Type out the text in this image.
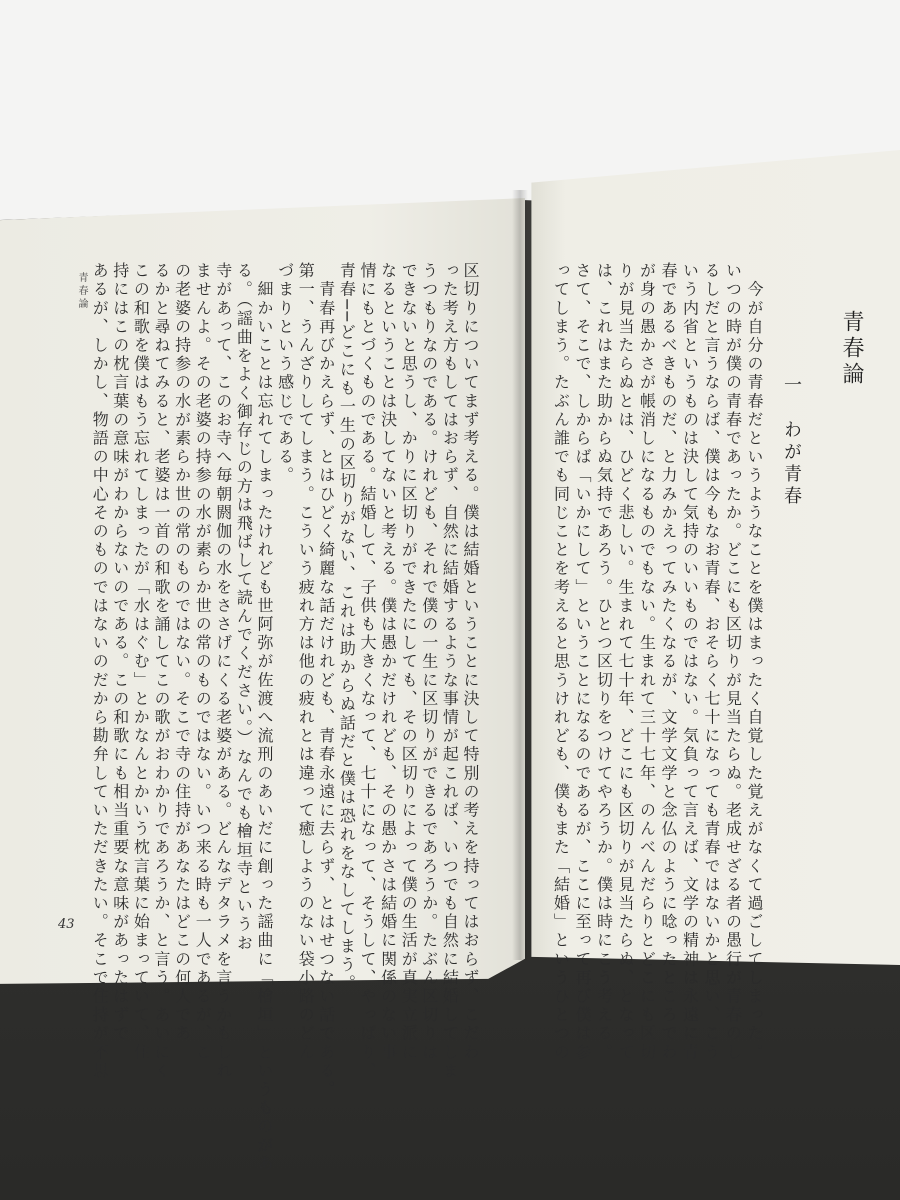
青春論
43	区切りについてまず考える。僕は結婚ということに決して特別の考えを持ってはおらず、こだわ
った考え方もしてはおらず、自然に結婚するような事情が起これば、いつでも自然に結婚してしま
うつもりなのである。けれども、それで僕の一生に区切りができるであろうか。たぶん区切りは
できないと思うし、かりに区切りができたにしても、その区切りによって僕の生活が真実立派に
なるということは決してないと考える。僕は愚かだけれども、その愚かさは結婚に関係のない事
情にもとづくものである。結婚して、子供も大きくなって、七十になって、そうして、やっぱり、
青春──どこにも一生の区切りがない、これは助からぬ話だと僕は恐れをなしてしまう。
　青春再びかえらず、とはひどく綺麗な話だけれども、青春永遠に去らず、とはせつない話である。
第一、うんざりしてしまう。こういう疲れ方は他の疲れとは違って癒しようのない袋小路のどん
づまりという感じである。
　細かいことは忘れてしまったけれども世阿弥が佐渡へ流刑のあいだに創った謡曲に「檜垣」というものがあ
る。（謡曲をよく御存じの方は飛ばして読んでください。）なんでも檜垣寺というお
寺があって、このお寺へ毎朝閼伽の水をささげにくる老婆がある。どんなデタラメを言うかもしれ
ませんよ。その老婆の持参の水が素らか世の常のものではない。いつ来る時も一人であるが、こ
の老婆の持参の水が素らか世の常のものではない。そこで寺の住持があなたはどこの何人であ
るかと尋ねてみると、老婆は一首の和歌を誦してこの歌がおわかりであろうか、と言う。あいにく
この和歌を僕はもう忘れてしまったが「水はぐむ」とかなんとかいう枕言葉に始まっていて、住
持にはこの枕言葉の意味がわからないのである。この和歌にも相当重要な意味があったはずで
あるが、しかし、物語の中心そのものではないのだから勘弁していただきたい。そこで住持が不思	青春論
一
わが青春
　今が自分の青春だというようなことを僕はまったく自覚した覚えがなくて過ごしてしまった。
いつの時が僕の青春であったか。どこにも区切りが見当たらぬ。老成せざる者の愚行が青春のし
るしだと言うならば、僕は今もなお青春、おそらく七十になっても青春ではないかと思い、こう
いう内省というものは決して気持のいいものではない。気負って言えば、文学の精神は永遠に青
春であるべきものだ、と力みかえってみたくなるが、文学文学と念仏のように唸ったところでわ
が身の愚かさが帳消しになるものでもない。生まれて三十七年、のんべんだらりとどこにも区切
りが見当たらぬとは、ひどく悲しい。生まれて七十年、どこにも区切りが見当たらぬ、となって
は、これはまた助からぬ気持であろう。ひとつ区切りをつけてやろうか。僕は時にこう考える。
さて、そこで、しからば「いかにして」ということになるのであるが、ここに至って再び僕は参
ってしまう。たぶん誰でも同じことを考えると思うけれども、僕もまた「結婚」というひとつの
